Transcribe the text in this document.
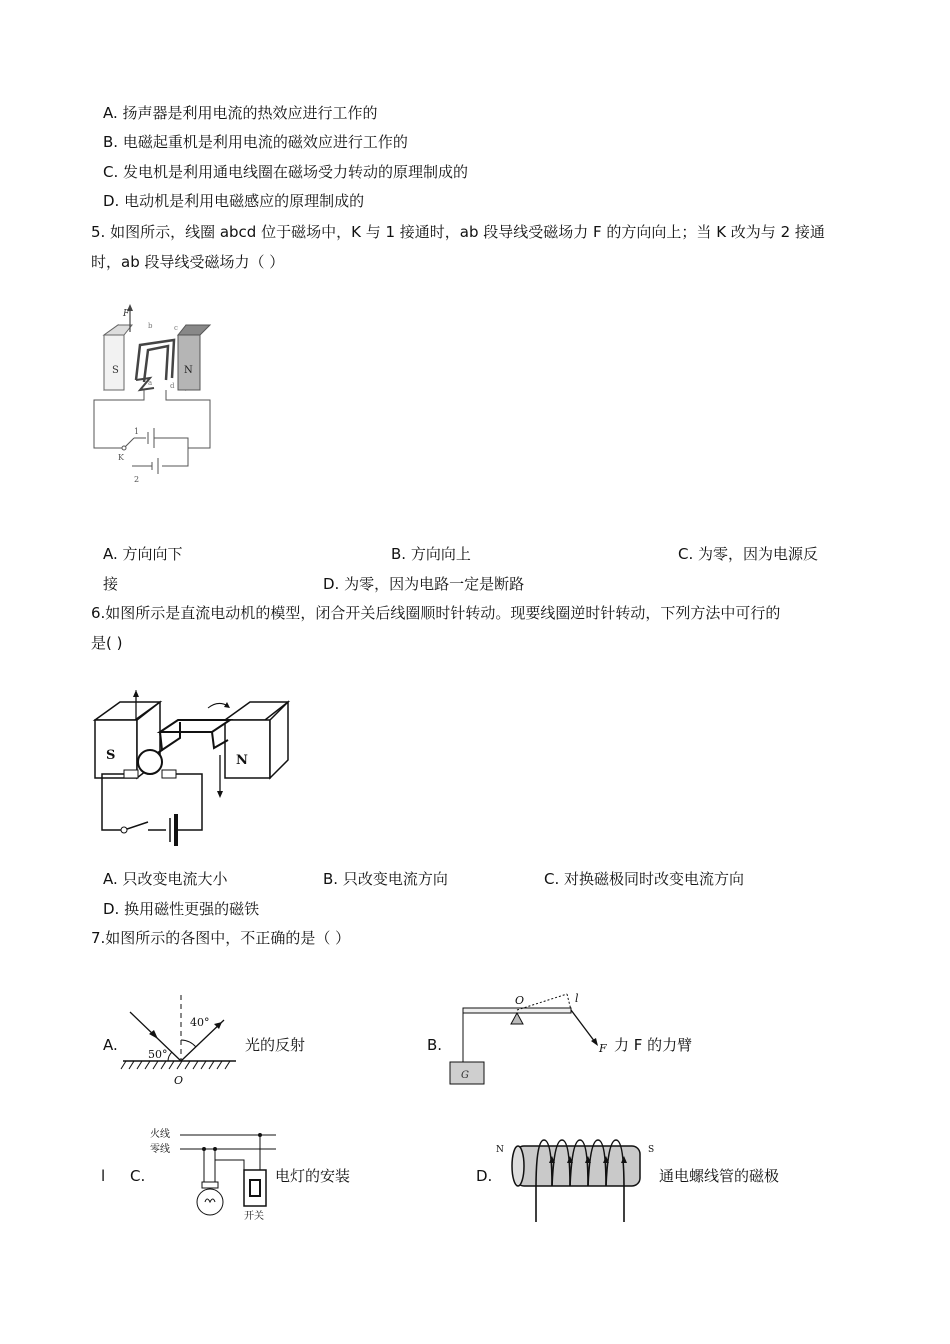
A. 扬声器是利用电流的热效应进行工作的
B. 电磁起重机是利用电流的磁效应进行工作的
C. 发电机是利用通电线圈在磁场受力转动的原理制成的
D. 电动机是利用电磁感应的原理制成的
5. 如图所示，线圈 abcd 位于磁场中，K 与 1 接通时，ab 段导线受磁场力 F 的方向向上；当 K 改为与 2 接通
时，ab 段导线受磁场力（ ）
F
S	N
b	c
a	d
1
K
2
A. 方向向下	B. 方向向上	C. 为零，因为电源反
接	D. 为零，因为电路一定是断路
6.如图所示是直流电动机的模型，闭合开关后线圈顺时针转动。现要线圈逆时针转动，下列方法中可行的
是( )
S	N
A. 只改变电流大小	B. 只改变电流方向	C. 对换磁极同时改变电流方向
D. 换用磁性更强的磁铁
7.如图所示的各图中，不正确的是（ ）
A.
40°
50°
O
光的反射	B.
O
G
F
l
力 F 的力臂
l C.
火线
零线
开关
电灯的安装	D.
N	S
通电螺线管的磁极
